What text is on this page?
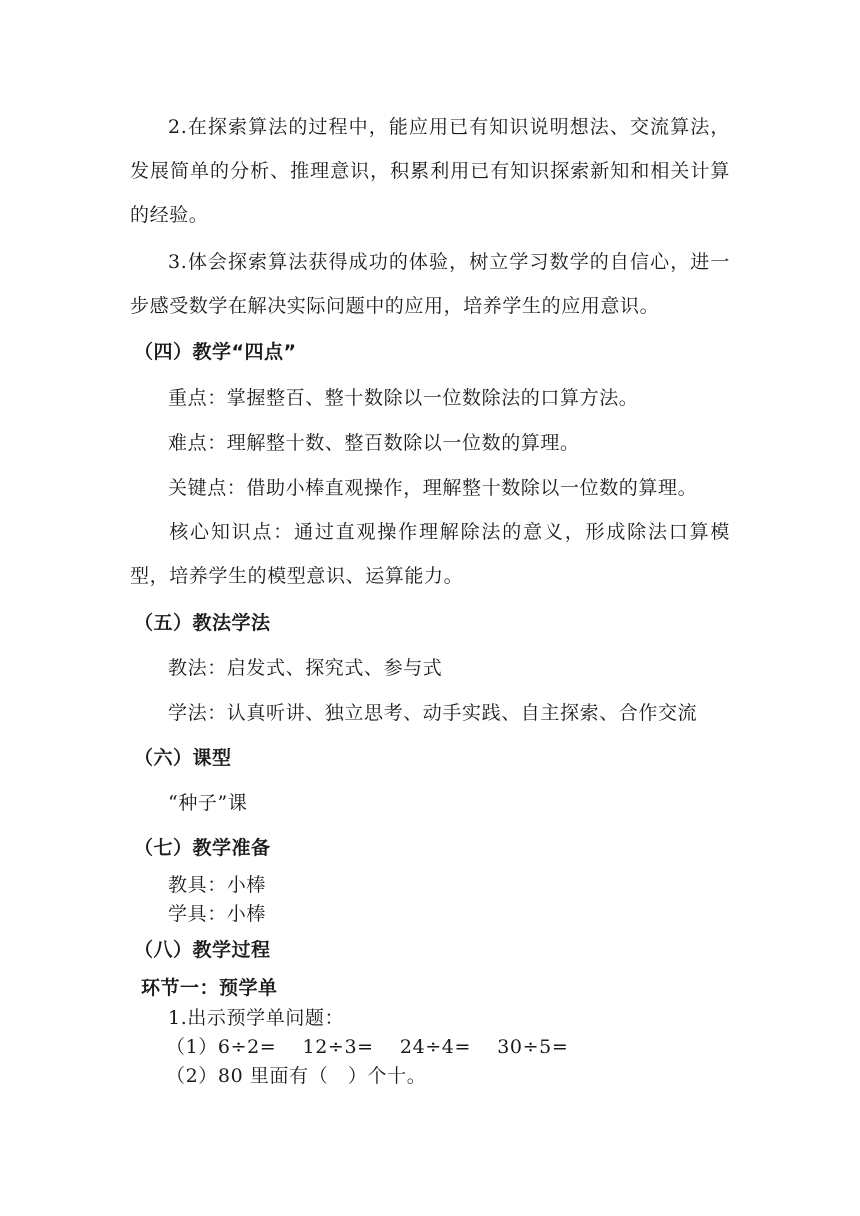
2.在探索算法的过程中，能应用已有知识说明想法、交流算法，发展简单的分析、推理意识，积累利用已有知识探索新知和相关计算的经验。

3.体会探索算法获得成功的体验，树立学习数学的自信心，进一步感受数学在解决实际问题中的应用，培养学生的应用意识。

（四）教学“四点”

重点：掌握整百、整十数除以一位数除法的口算方法。

难点：理解整十数、整百数除以一位数的算理。

关键点：借助小棒直观操作，理解整十数除以一位数的算理。

核心知识点：通过直观操作理解除法的意义，形成除法口算模型，培养学生的模型意识、运算能力。

（五）教法学法

教法：启发式、探究式、参与式

学法：认真听讲、独立思考、动手实践、自主探索、合作交流

（六）课型

“种子”课

（七）教学准备

教具：小棒

学具：小棒

（八）教学过程
环节一：预学单

1.出示预学单问题：

（1）6÷2=　 12÷3=　 24÷4=　 30÷5=

（2）80 里面有（　）个十。
